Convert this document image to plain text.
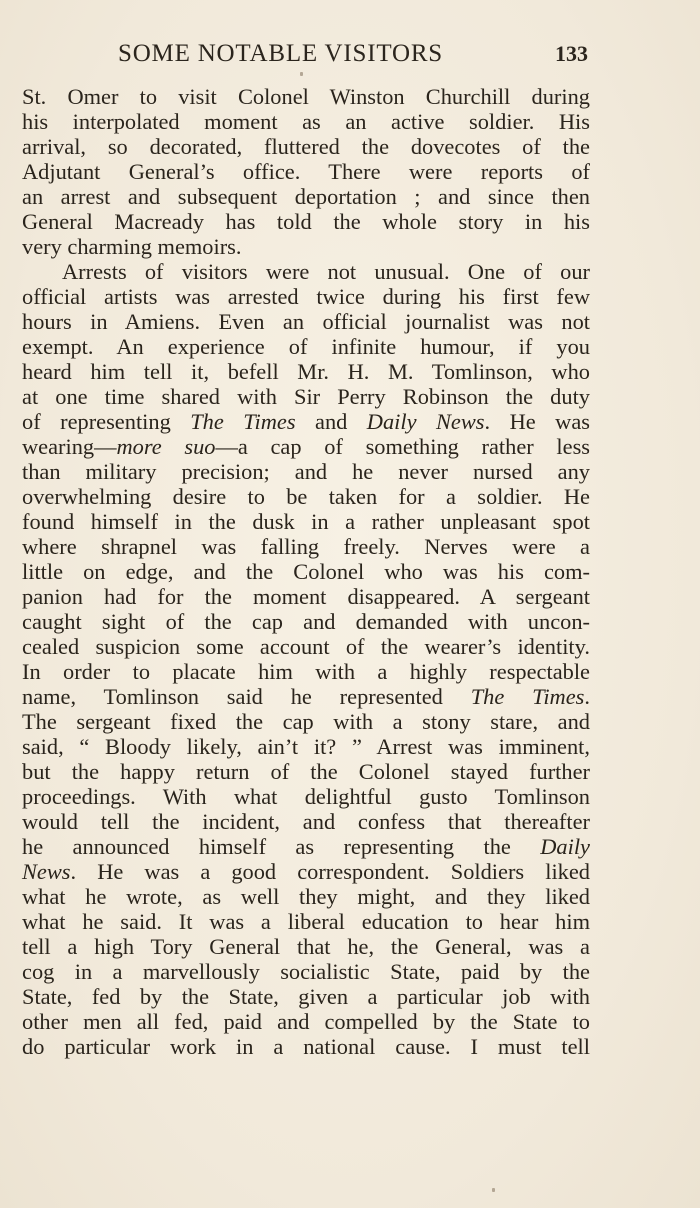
SOME NOTABLE VISITORS	133
St. Omer to visit Colonel Winston Churchill during
his interpolated moment as an active soldier. His
arrival, so decorated, fluttered the dovecotes of the
Adjutant General’s office. There were reports of
an arrest and subsequent deportation ; and since then
General Macready has told the whole story in his
very charming memoirs.
Arrests of visitors were not unusual. One of our
official artists was arrested twice during his first few
hours in Amiens. Even an official journalist was not
exempt. An experience of infinite humour, if you
heard him tell it, befell Mr. H. M. Tomlinson, who
at one time shared with Sir Perry Robinson the duty
of representing The Times and Daily News. He was
wearing—more suo—a cap of something rather less
than military precision; and he never nursed any
overwhelming desire to be taken for a soldier. He
found himself in the dusk in a rather unpleasant spot
where shrapnel was falling freely. Nerves were a
little on edge, and the Colonel who was his com-
panion had for the moment disappeared. A sergeant
caught sight of the cap and demanded with uncon-
cealed suspicion some account of the wearer’s identity.
In order to placate him with a highly respectable
name, Tomlinson said he represented The Times.
The sergeant fixed the cap with a stony stare, and
said, “ Bloody likely, ain’t it? ” Arrest was imminent,
but the happy return of the Colonel stayed further
proceedings. With what delightful gusto Tomlinson
would tell the incident, and confess that thereafter
he announced himself as representing the Daily
News. He was a good correspondent. Soldiers liked
what he wrote, as well they might, and they liked
what he said. It was a liberal education to hear him
tell a high Tory General that he, the General, was a
cog in a marvellously socialistic State, paid by the
State, fed by the State, given a particular job with
other men all fed, paid and compelled by the State to
do particular work in a national cause. I must tell
